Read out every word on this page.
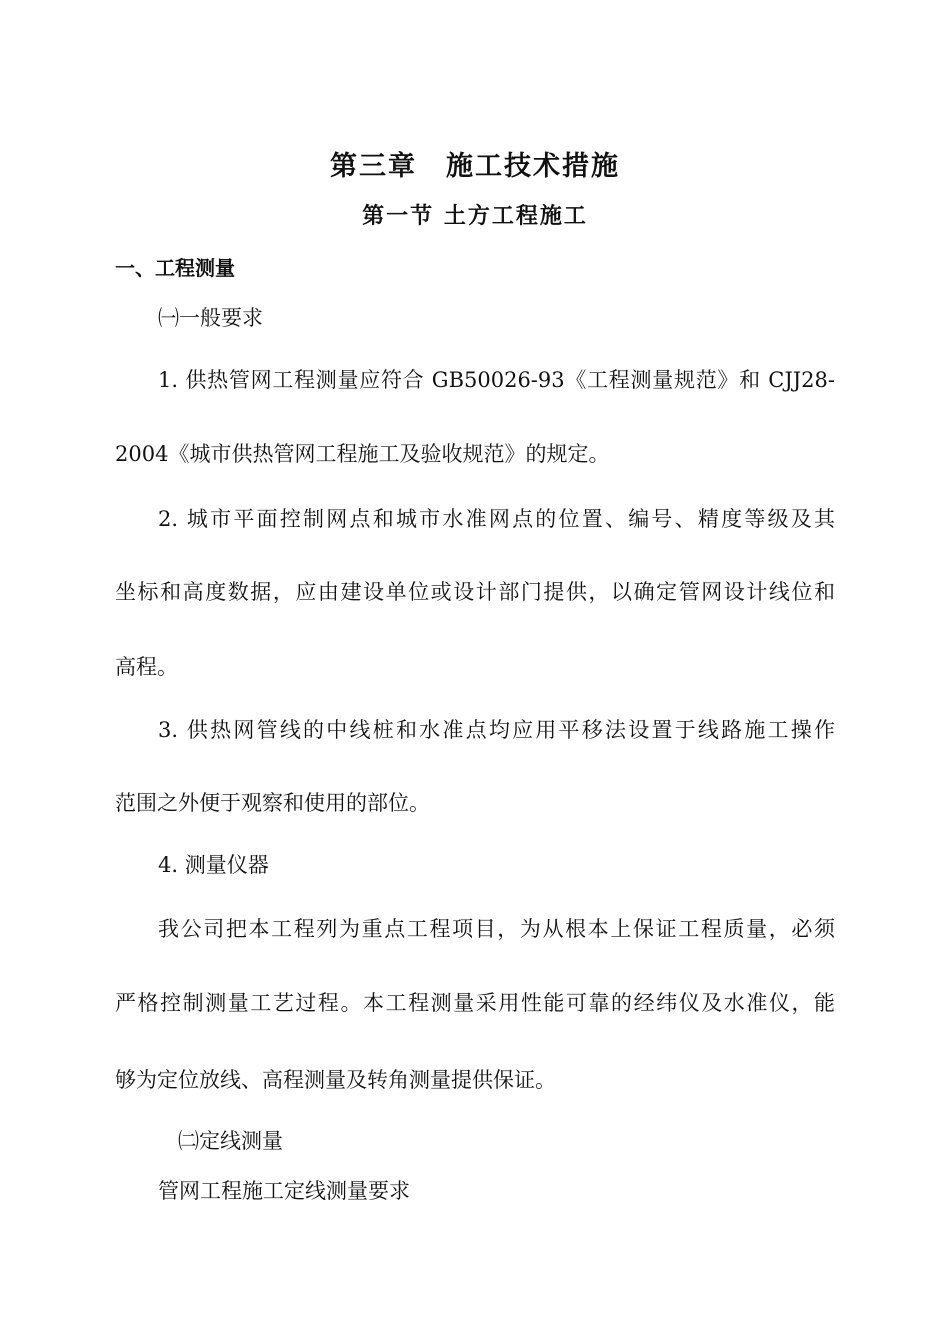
第三章　施工技术措施
第一节 土方工程施工
一、工程测量
㈠一般要求
1. 供热管网工程测量应符合 GB50026-93《工程测量规范》和 CJJ28-
2004《城市供热管网工程施工及验收规范》的规定。
2. 城市平面控制网点和城市水准网点的位置、编号、精度等级及其
坐标和高度数据，应由建设单位或设计部门提供，以确定管网设计线位和
高程。
3. 供热网管线的中线桩和水准点均应用平移法设置于线路施工操作
范围之外便于观察和使用的部位。
4. 测量仪器
我公司把本工程列为重点工程项目，为从根本上保证工程质量，必须
严格控制测量工艺过程。本工程测量采用性能可靠的经纬仪及水准仪，能
够为定位放线、高程测量及转角测量提供保证。
㈡定线测量
管网工程施工定线测量要求
